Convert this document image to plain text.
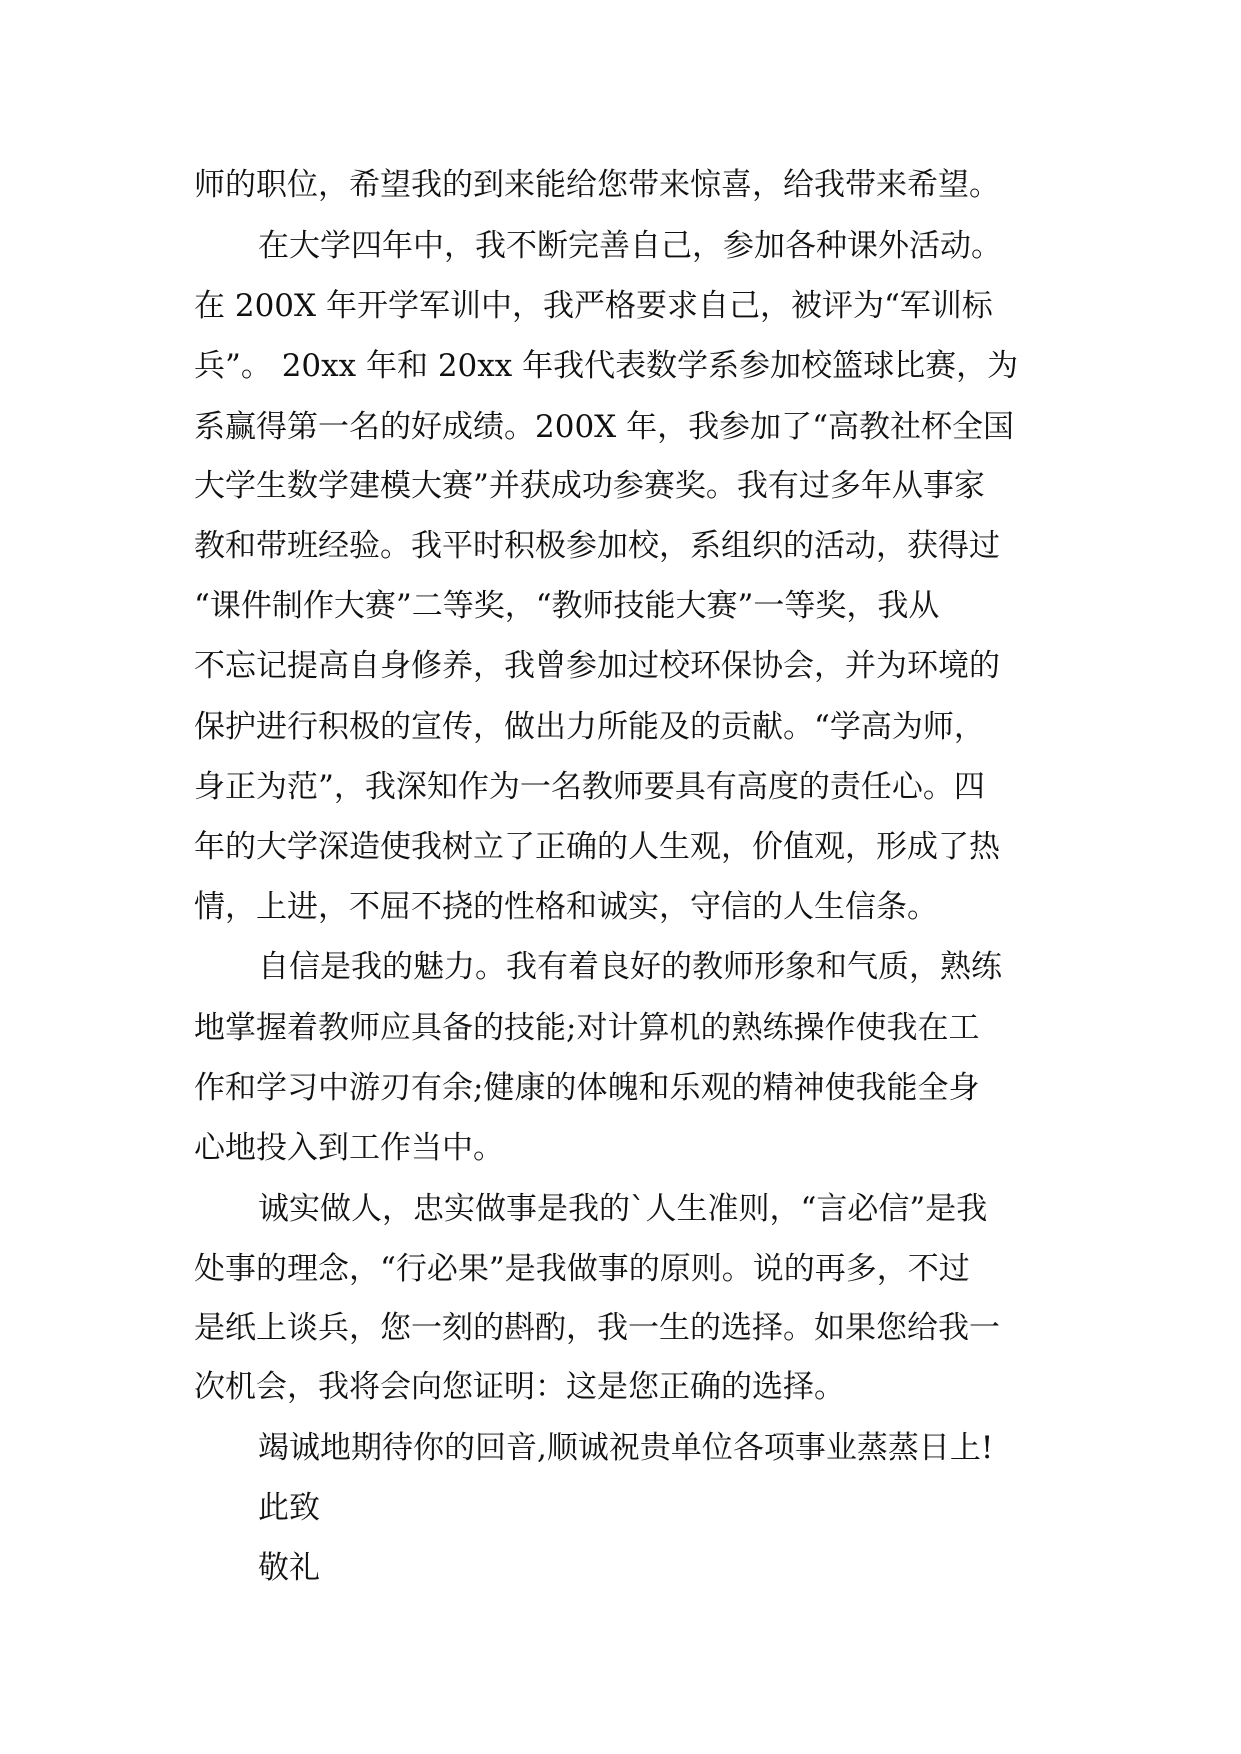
师的职位，希望我的到来能给您带来惊喜，给我带来希望。
在大学四年中，我不断完善自己，参加各种课外活动。
在 200X 年开学军训中，我严格要求自己，被评为“军训标
兵”。 20xx 年和 20xx 年我代表数学系参加校篮球比赛，为
系赢得第一名的好成绩。200X 年，我参加了“高教社杯全国
大学生数学建模大赛”并获成功参赛奖。我有过多年从事家
教和带班经验。我平时积极参加校，系组织的活动，获得过
“课件制作大赛”二等奖，“教师技能大赛”一等奖，我从
不忘记提高自身修养，我曾参加过校环保协会，并为环境的
保护进行积极的宣传，做出力所能及的贡献。“学高为师，
身正为范”，我深知作为一名教师要具有高度的责任心。四
年的大学深造使我树立了正确的人生观，价值观，形成了热
情，上进，不屈不挠的性格和诚实，守信的人生信条。
自信是我的魅力。我有着良好的教师形象和气质，熟练
地掌握着教师应具备的技能;对计算机的熟练操作使我在工
作和学习中游刃有余;健康的体魄和乐观的精神使我能全身
心地投入到工作当中。
诚实做人，忠实做事是我的`人生准则，“言必信”是我
处事的理念，“行必果”是我做事的原则。说的再多，不过
是纸上谈兵，您一刻的斟酌，我一生的选择。如果您给我一
次机会，我将会向您证明：这是您正确的选择。
竭诚地期待你的回音,顺诚祝贵单位各项事业蒸蒸日上!
此致
敬礼
